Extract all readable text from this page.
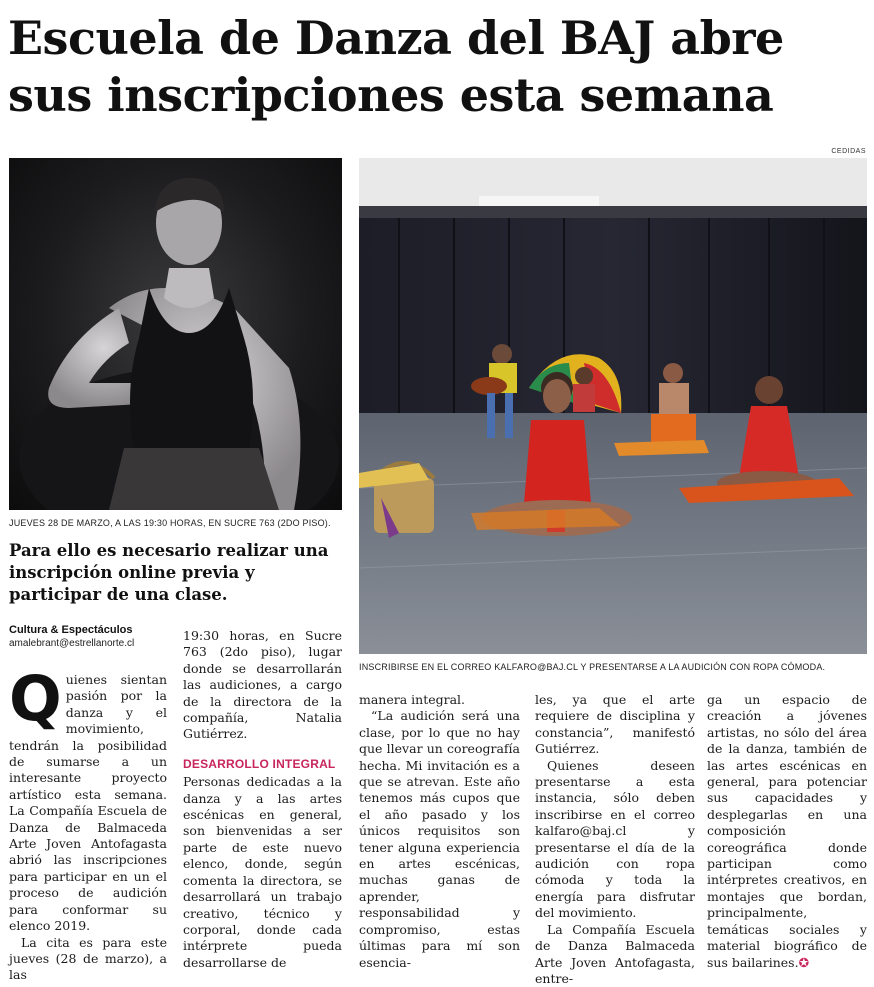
Escuela de Danza del BAJ abre
sus inscripciones esta semana
CEDIDAS
JUEVES 28 DE MARZO, A LAS 19:30 HORAS, EN SUCRE 763 (2DO PISO).
INSCRIBIRSE EN EL CORREO KALFARO@BAJ.CL Y PRESENTARSE A LA AUDICIÓN CON ROPA CÓMODA.

Para ello es necesario realizar una inscripción online previa y participar de una clase.

Cultura & Espectáculos
amalebrant@estrellanorte.cl

Quienes sientan pasión por la danza y el movimiento, tendrán la posibilidad de sumarse a un interesante proyecto artístico esta semana. La Compañía Escuela de Danza de Balmaceda Arte Joven Antofagasta abrió las inscripciones para participar en un el proceso de audición para conformar su elenco 2019.

La cita es para este jueves (28 de marzo), a las

19:30 horas, en Sucre 763 (2do piso), lugar donde se desarrollarán las audiciones, a cargo de la directora de la compañía, Natalia Gutiérrez.

DESARROLLO INTEGRAL

Personas dedicadas a la danza y a las artes escénicas en general, son bienvenidas a ser parte de este nuevo elenco, donde, según comenta la directora, se desarrollará un trabajo creativo, técnico y corporal, donde cada intérprete pueda desarrollarse de

manera integral.

“La audición será una clase, por lo que no hay que llevar un coreografía hecha. Mi invitación es a que se atrevan. Este año tenemos más cupos que el año pasado y los únicos requisitos son tener alguna experiencia en artes escénicas, muchas ganas de aprender, responsabilidad y compromiso, estas últimas para mí son esencia-

les, ya que el arte requiere de disciplina y constancia”, manifestó Gutiérrez.

Quienes deseen presentarse a esta instancia, sólo deben inscribirse en el correo kalfaro@baj.cl y presentarse el día de la audición con ropa cómoda y toda la energía para disfrutar del movimiento.

La Compañía Escuela de Danza Balmaceda Arte Joven Antofagasta, entre-

ga un espacio de creación a jóvenes artistas, no sólo del área de la danza, también de las artes escénicas en general, para potenciar sus capacidades y desplegarlas en una composición coreográfica donde participan como intérpretes creativos, en montajes que bordan, principalmente, temáticas sociales y material biográfico de sus bailarines.✪
